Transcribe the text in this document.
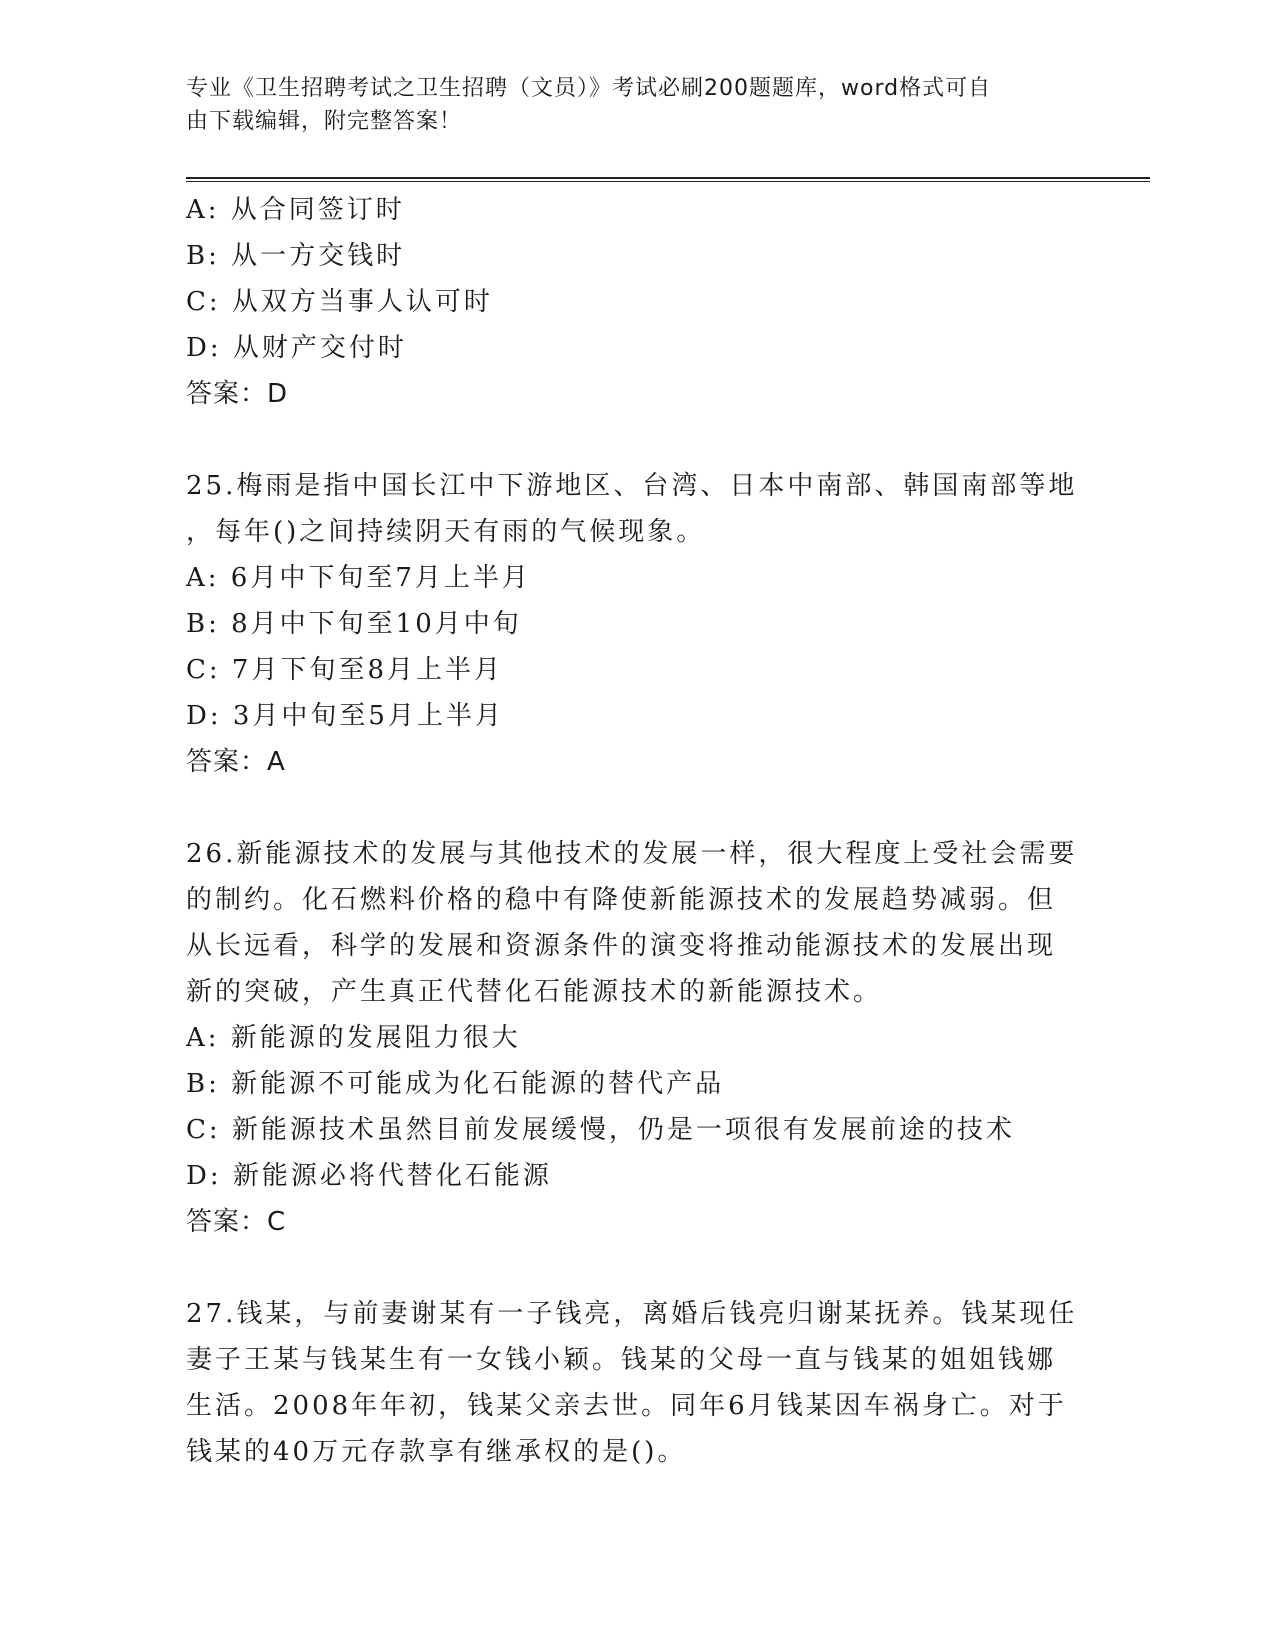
专业《卫生招聘考试之卫生招聘（文员）》考试必刷200题题库，word格式可自
由下载编辑，附完整答案！
A: 从合同签订时
B: 从一方交钱时
C: 从双方当事人认可时
D: 从财产交付时
答案：D
25.梅雨是指中国长江中下游地区、台湾、日本中南部、韩国南部等地
，每年()之间持续阴天有雨的气候现象。
A: 6月中下旬至7月上半月
B: 8月中下旬至10月中旬
C: 7月下旬至8月上半月
D: 3月中旬至5月上半月
答案：A
26.新能源技术的发展与其他技术的发展一样，很大程度上受社会需要
的制约。化石燃料价格的稳中有降使新能源技术的发展趋势减弱。但
从长远看，科学的发展和资源条件的演变将推动能源技术的发展出现
新的突破，产生真正代替化石能源技术的新能源技术。
A: 新能源的发展阻力很大
B: 新能源不可能成为化石能源的替代产品
C: 新能源技术虽然目前发展缓慢，仍是一项很有发展前途的技术
D: 新能源必将代替化石能源
答案：C
27.钱某，与前妻谢某有一子钱亮，离婚后钱亮归谢某抚养。钱某现任
妻子王某与钱某生有一女钱小颖。钱某的父母一直与钱某的姐姐钱娜
生活。2008年年初，钱某父亲去世。同年6月钱某因车祸身亡。对于
钱某的40万元存款享有继承权的是()。
